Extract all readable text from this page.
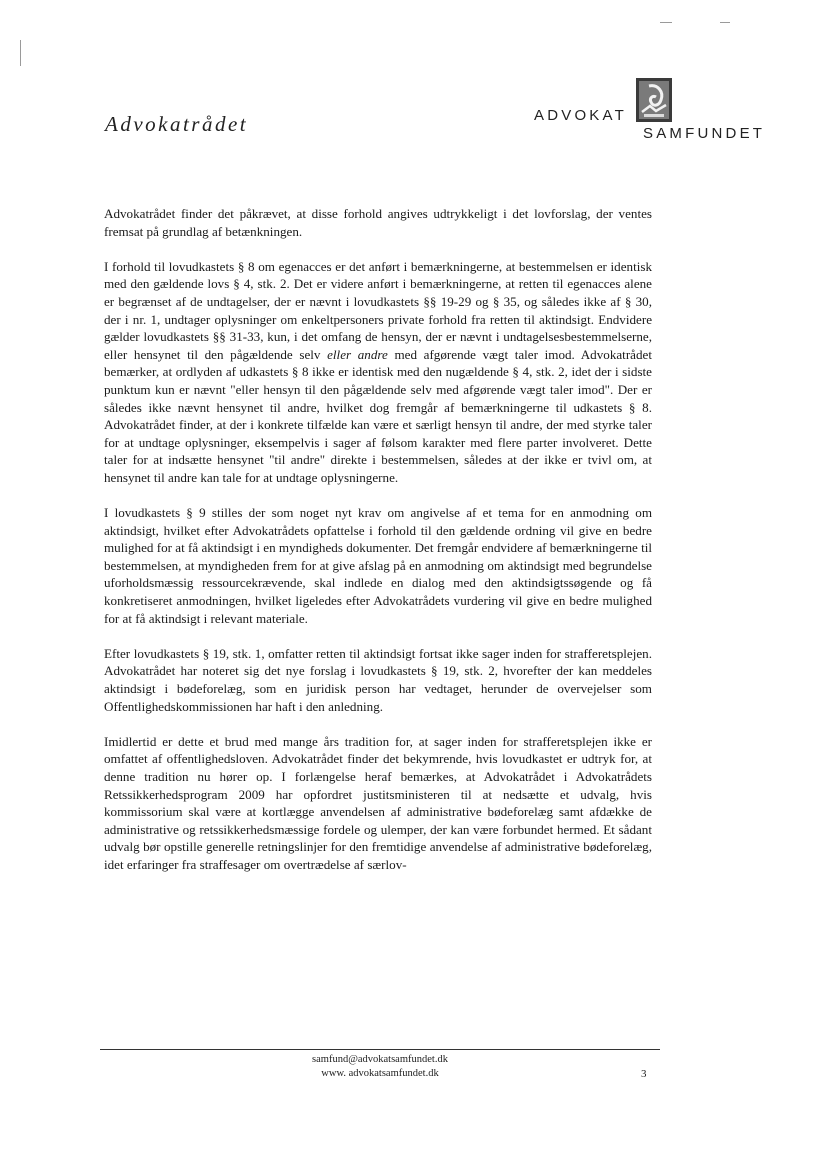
Advokatrådet	ADVOKAT
SAMFUNDET

Advokatrådet finder det påkrævet, at disse forhold angives udtrykkeligt i det lovforslag, der ventes fremsat på grundlag af betænkningen.

I forhold til lovudkastets § 8 om egenacces er det anført i bemærkningerne, at bestemmelsen er identisk med den gældende lovs § 4, stk. 2. Det er videre anført i bemærkningerne, at retten til egenacces alene er begrænset af de undtagelser, der er nævnt i lovudkastets §§ 19-29 og § 35, og således ikke af § 30, der i nr. 1, undtager oplysninger om enkeltpersoners private forhold fra retten til aktindsigt. Endvidere gælder lovudkastets §§ 31-33, kun, i det omfang de hensyn, der er nævnt i undtagelsesbestemmelserne, eller hensynet til den pågældende selv eller andre med afgørende vægt taler imod. Advokatrådet bemærker, at ordlyden af udkastets § 8 ikke er identisk med den nugældende § 4, stk. 2, idet der i sidste punktum kun er nævnt "eller hensyn til den pågældende selv med afgørende vægt taler imod". Der er således ikke nævnt hensynet til andre, hvilket dog fremgår af bemærkningerne til udkastets § 8. Advokatrådet finder, at der i konkrete tilfælde kan være et særligt hensyn til andre, der med styrke taler for at undtage oplysninger, eksempelvis i sager af følsom karakter med flere parter involveret. Dette taler for at indsætte hensynet "til andre" direkte i bestemmelsen, således at der ikke er tvivl om, at hensynet til andre kan tale for at undtage oplysningerne.

I lovudkastets § 9 stilles der som noget nyt krav om angivelse af et tema for en anmodning om aktindsigt, hvilket efter Advokatrådets opfattelse i forhold til den gældende ordning vil give en bedre mulighed for at få aktindsigt i en myndigheds dokumenter. Det fremgår endvidere af bemærkningerne til bestemmelsen, at myndigheden frem for at give afslag på en anmodning om aktindsigt med begrundelse uforholdsmæssig ressourcekrævende, skal indlede en dialog med den aktindsigtssøgende og få konkretiseret anmodningen, hvilket ligeledes efter Advokatrådets vurdering vil give en bedre mulighed for at få aktindsigt i relevant materiale.

Efter lovudkastets § 19, stk. 1, omfatter retten til aktindsigt fortsat ikke sager inden for strafferetsplejen. Advokatrådet har noteret sig det nye forslag i lovudkastets § 19, stk. 2, hvorefter der kan meddeles aktindsigt i bødeforelæg, som en juridisk person har vedtaget, herunder de overvejelser som Offentlighedskommissionen har haft i den anledning.

Imidlertid er dette et brud med mange års tradition for, at sager inden for strafferetsplejen ikke er omfattet af offentlighedsloven. Advokatrådet finder det bekymrende, hvis lovudkastet er udtryk for, at denne tradition nu hører op. I forlængelse heraf bemærkes, at Advokatrådet i Advokatrådets Retssikkerhedsprogram 2009 har opfordret justitsministeren til at nedsætte et udvalg, hvis kommissorium skal være at kortlægge anvendelsen af administrative bødeforelæg samt afdække de administrative og retssikkerhedsmæssige fordele og ulemper, der kan være forbundet hermed. Et sådant udvalg bør opstille generelle retningslinjer for den fremtidige anvendelse af administrative bødeforelæg, idet erfaringer fra straffesager om overtrædelse af særlov-

samfund@advokatsamfundet.dk
www. advokatsamfundet.dk	3
